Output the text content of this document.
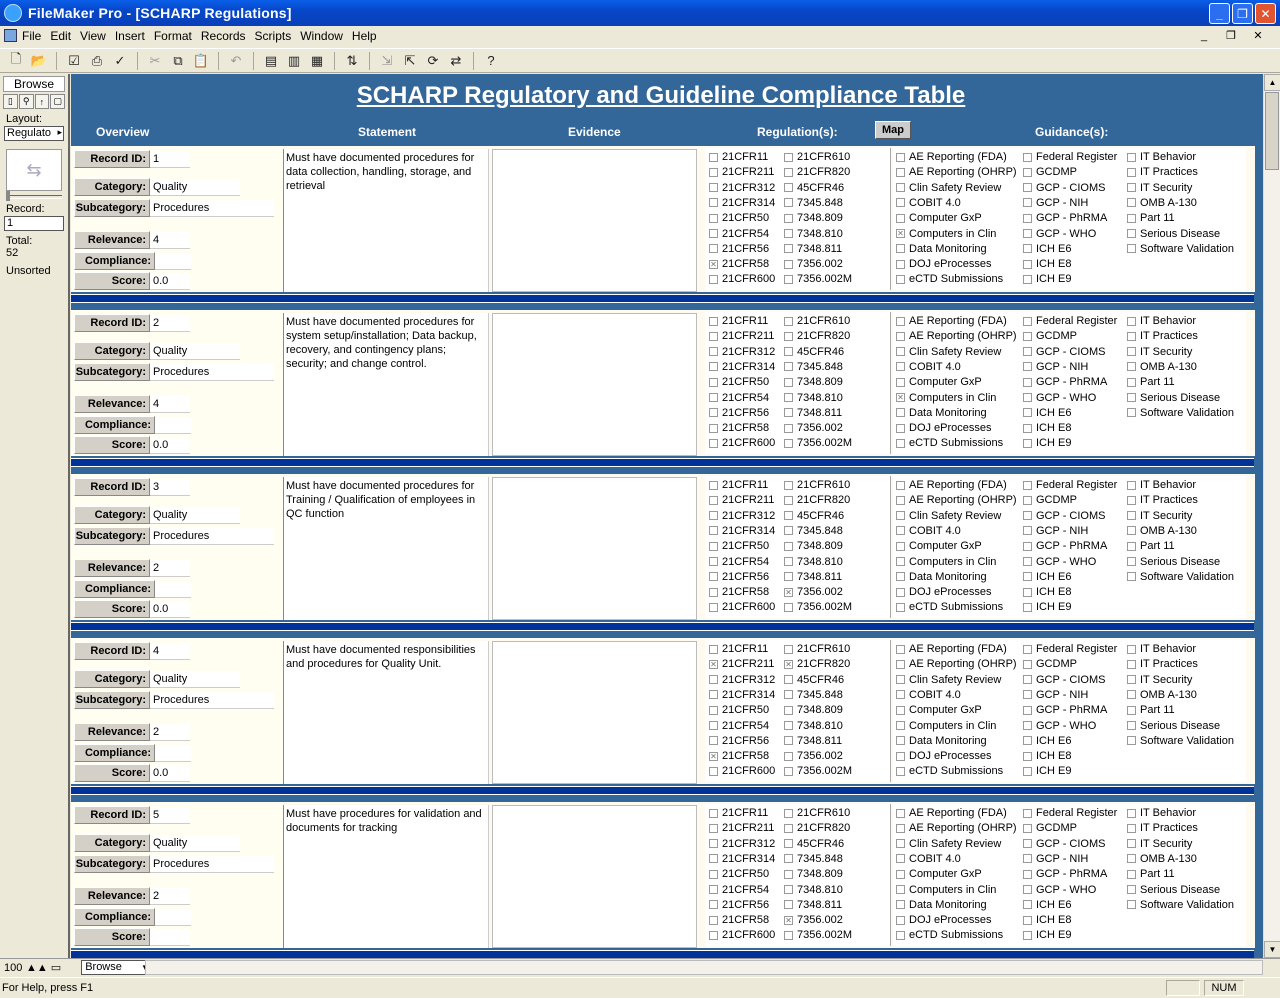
FileMaker Pro - [SCHARP Regulations]	_	❐	✕
File Edit View Insert Format Records Scripts Window Help	_	❐ ✕
🗋 📂	☑ ⎙ ✓	✂ ⧉ 📋	↶	▤ ▥ ▦	⇅	⇲ ⇱ ⟳ ⇄	?
Browse
▯	⚲	↑	▢
Layout:
Regulato ▸
⇆
Record:
1
Total:
52
Unsorted
SCHARP Regulatory and Guideline Compliance Table
Overview	Statement	Evidence	Regulation(s):	Map	Guidance(s):
Record ID: 1
Category: Quality
Subcategory: Procedures
Relevance: 4
Compliance:
Score: 0.0
Must have documented procedures for data collection, handling, storage, and retrieval
21CFR11
21CFR211
21CFR312
21CFR314
21CFR50
21CFR54
21CFR56
✕ 21CFR58
21CFR600
21CFR610
21CFR820
45CFR46
7345.848
7348.809
7348.810
7348.811
7356.002
7356.002M
AE Reporting (FDA)
AE Reporting (OHRP)
Clin Safety Review
COBIT 4.0
Computer GxP
✕ Computers in Clin
Data Monitoring
DOJ eProcesses
eCTD Submissions
Federal Register
GCDMP
GCP - CIOMS
GCP - NIH
GCP - PhRMA
GCP - WHO
ICH E6
ICH E8
ICH E9
IT Behavior
IT Practices
IT Security
OMB A-130
Part 11
Serious Disease
Software Validation
Record ID: 2
Category: Quality
Subcategory: Procedures
Relevance: 4
Compliance:
Score: 0.0
Must have documented procedures for system setup/installation; Data backup, recovery, and contingency plans; security; and change control.
21CFR11
21CFR211
21CFR312
21CFR314
21CFR50
21CFR54
21CFR56
21CFR58
21CFR600
21CFR610
21CFR820
45CFR46
7345.848
7348.809
7348.810
7348.811
7356.002
7356.002M
AE Reporting (FDA)
AE Reporting (OHRP)
Clin Safety Review
COBIT 4.0
Computer GxP
✕ Computers in Clin
Data Monitoring
DOJ eProcesses
eCTD Submissions
Federal Register
GCDMP
GCP - CIOMS
GCP - NIH
GCP - PhRMA
GCP - WHO
ICH E6
ICH E8
ICH E9
IT Behavior
IT Practices
IT Security
OMB A-130
Part 11
Serious Disease
Software Validation
Record ID: 3
Category: Quality
Subcategory: Procedures
Relevance: 2
Compliance:
Score: 0.0
Must have documented procedures for Training / Qualification of employees in QC function
21CFR11
21CFR211
21CFR312
21CFR314
21CFR50
21CFR54
21CFR56
21CFR58
21CFR600
21CFR610
21CFR820
45CFR46
7345.848
7348.809
7348.810
7348.811
✕ 7356.002
7356.002M
AE Reporting (FDA)
AE Reporting (OHRP)
Clin Safety Review
COBIT 4.0
Computer GxP
Computers in Clin
Data Monitoring
DOJ eProcesses
eCTD Submissions
Federal Register
GCDMP
GCP - CIOMS
GCP - NIH
GCP - PhRMA
GCP - WHO
ICH E6
ICH E8
ICH E9
IT Behavior
IT Practices
IT Security
OMB A-130
Part 11
Serious Disease
Software Validation
Record ID: 4
Category: Quality
Subcategory: Procedures
Relevance: 2
Compliance:
Score: 0.0
Must have documented responsibilities and procedures for Quality Unit.
21CFR11
✕ 21CFR211
21CFR312
21CFR314
21CFR50
21CFR54
21CFR56
✕ 21CFR58
21CFR600
21CFR610
✕ 21CFR820
45CFR46
7345.848
7348.809
7348.810
7348.811
7356.002
7356.002M
AE Reporting (FDA)
AE Reporting (OHRP)
Clin Safety Review
COBIT 4.0
Computer GxP
Computers in Clin
Data Monitoring
DOJ eProcesses
eCTD Submissions
Federal Register
GCDMP
GCP - CIOMS
GCP - NIH
GCP - PhRMA
GCP - WHO
ICH E6
ICH E8
ICH E9
IT Behavior
IT Practices
IT Security
OMB A-130
Part 11
Serious Disease
Software Validation
Record ID: 5
Category: Quality
Subcategory: Procedures
Relevance: 2
Compliance:
Score:
Must have procedures for validation and documents for tracking
21CFR11
21CFR211
21CFR312
21CFR314
21CFR50
21CFR54
21CFR56
21CFR58
21CFR600
21CFR610
21CFR820
45CFR46
7345.848
7348.809
7348.810
7348.811
✕ 7356.002
7356.002M
AE Reporting (FDA)
AE Reporting (OHRP)
Clin Safety Review
COBIT 4.0
Computer GxP
Computers in Clin
Data Monitoring
DOJ eProcesses
eCTD Submissions
Federal Register
GCDMP
GCP - CIOMS
GCP - NIH
GCP - PhRMA
GCP - WHO
ICH E6
ICH E8
ICH E9
IT Behavior
IT Practices
IT Security
OMB A-130
Part 11
Serious Disease
Software Validation
▲
▼
100 ▲ ▲ ▭	Browse ▾
For Help, press F1	NUM
